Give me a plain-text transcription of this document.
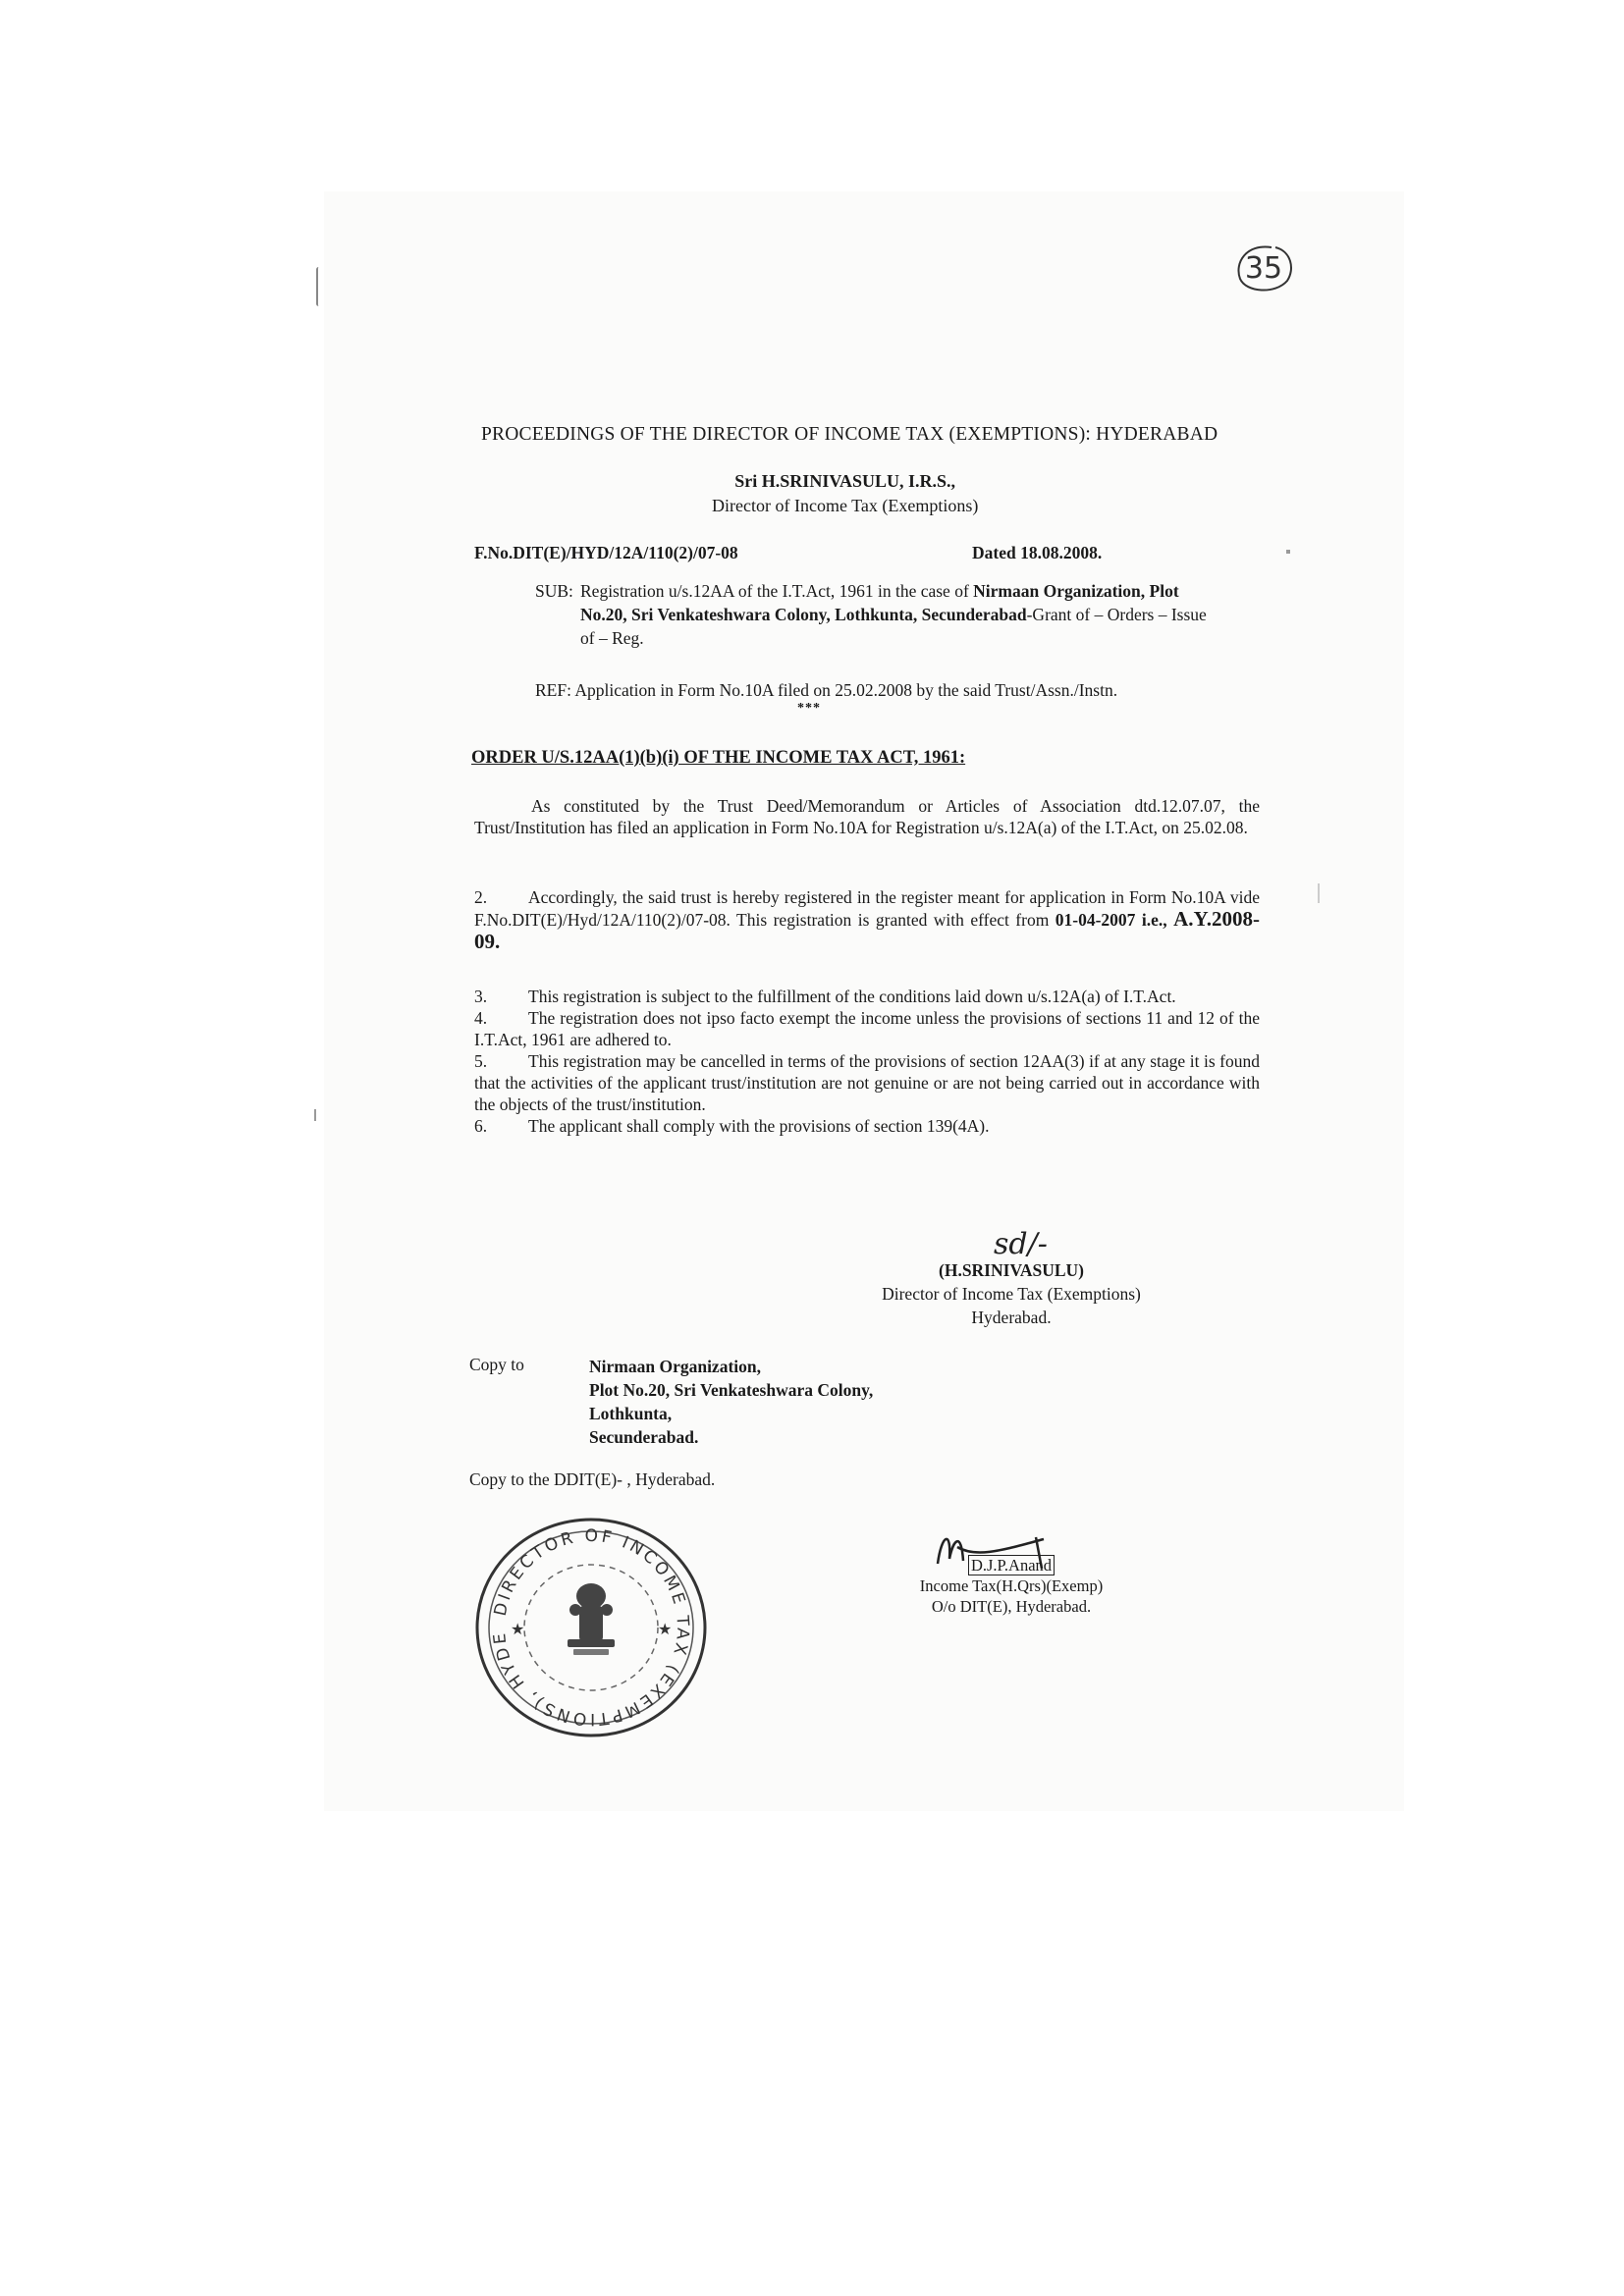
35
PROCEEDINGS OF THE DIRECTOR OF INCOME TAX (EXEMPTIONS): HYDERABAD
Sri H.SRINIVASULU, I.R.S.,
Director of Income Tax (Exemptions)
F.No.DIT(E)/HYD/12A/110(2)/07-08	Dated 18.08.2008.
SUB: Registration u/s.12AA of the I.T.Act, 1961 in the case of Nirmaan Organization, Plot No.20, Sri Venkateshwara Colony, Lothkunta, Secunderabad-Grant of – Orders – Issue of – Reg.
REF: Application in Form No.10A filed on 25.02.2008 by the said Trust/Assn./Instn.
***
ORDER U/S.12AA(1)(b)(i) OF THE INCOME TAX ACT, 1961:
As constituted by the Trust Deed/Memorandum or Articles of Association dtd.12.07.07, the Trust/Institution has filed an application in Form No.10A for Registration u/s.12A(a) of the I.T.Act, on 25.02.08.
2. Accordingly, the said trust is hereby registered in the register meant for application in Form No.10A vide F.No.DIT(E)/Hyd/12A/110(2)/07-08. This registration is granted with effect from 01-04-2007 i.e., A.Y.2008-09.
3. This registration is subject to the fulfillment of the conditions laid down u/s.12A(a) of I.T.Act.
4. The registration does not ipso facto exempt the income unless the provisions of sections 11 and 12 of the I.T.Act, 1961 are adhered to.
5. This registration may be cancelled in terms of the provisions of section 12AA(3) if at any stage it is found that the activities of the applicant trust/institution are not genuine or are not being carried out in accordance with the objects of the trust/institution.
6. The applicant shall comply with the provisions of section 139(4A).
sd/-
(H.SRINIVASULU)
Director of Income Tax (Exemptions)
Hyderabad.
Copy to	Nirmaan Organization,
Plot No.20, Sri Venkateshwara Colony,
Lothkunta,
Secunderabad.
Copy to the DDIT(E)- , Hyderabad.
DIRECTOR OF INCOME TAX (EXEMPTIONS), HYDE ★	★
D.J.P.Anand
Income Tax(H.Qrs)(Exemp)
O/o DIT(E), Hyderabad.
